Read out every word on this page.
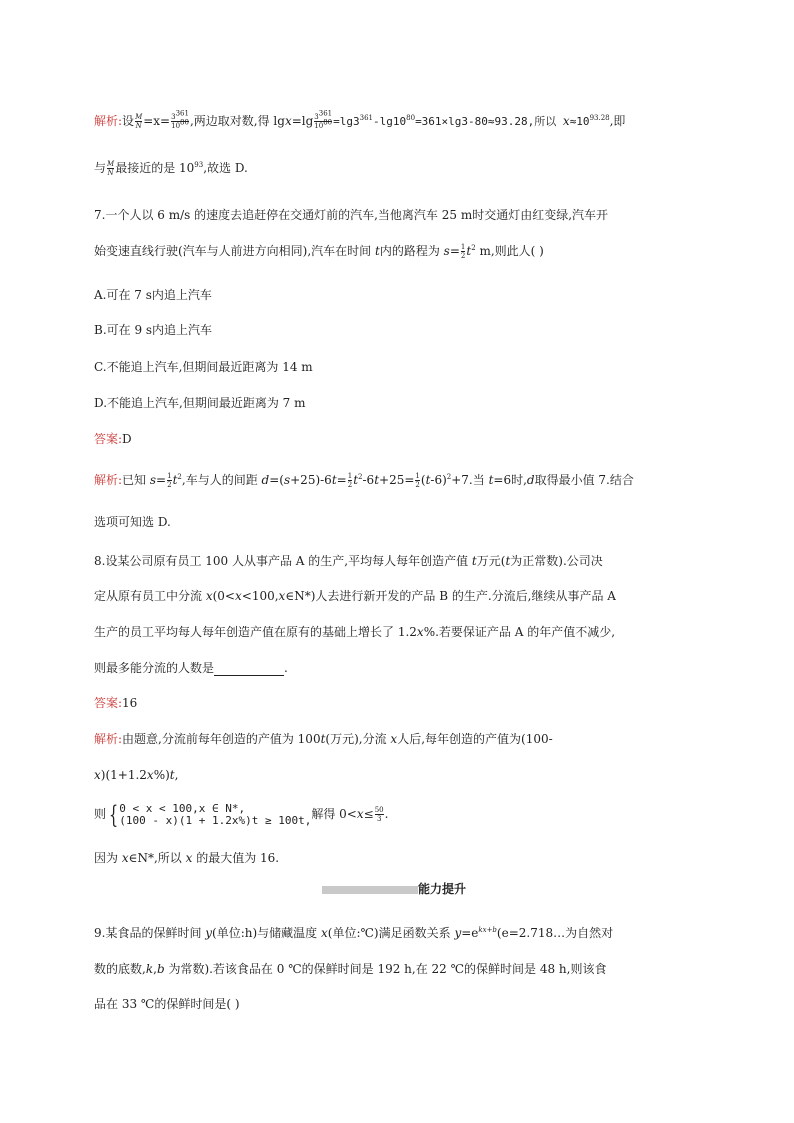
解析:设 $\frac{M}{N} =x= \frac{3^{361}}{10^{80}}$ ,两边取对数,得 $\lg x=\lg \frac{3^{361}}{10^{80}} =\lg 3^{361}-\lg 10^{80}=361\times\lg 3-80\approx 93.28$,所以 $x\approx 10^{93.28}$,即
与 $\frac{M}{N}$ 最接近的是 $10^{93}$,故选 D.
7.一个人以 6 m/s 的速度去追赶停在交通灯前的汽车,当他离汽车 25 m时交通灯由红变绿,汽车开
始变速直线行驶(汽车与人前进方向相同),汽车在时间 t内的路程为 $s= \frac{1}{2} t^2$ m,则此人( )
A.可在 7 s内追上汽车
B.可在 9 s内追上汽车
C.不能追上汽车,但期间最近距离为 14 m
D.不能追上汽车,但期间最近距离为 7 m
答案:D
解析:已知 $s= \frac{1}{2} t^2$,车与人的间距 $d=(s+25)-6t= \frac{1}{2} t^2-6t+25= \frac{1}{2} (t-6)^2+7$.当 t=6时,d取得最小值 7.结合
选项可知选 D.
8.设某公司原有员工 100 人从事产品 A 的生产,平均每人每年创造产值 t万元(t为正常数).公司决
定从原有员工中分流 x(0<x<100,x∈N*)人去进行新开发的产品 B 的生产.分流后,继续从事产品 A
生产的员工平均每人每年创造产值在原有的基础上增长了 1.2x%.若要保证产品 A 的年产值不减少,
则最多能分流的人数是	.
答案:16
解析:由题意,分流前每年创造的产值为 100t(万元),分流 x人后,每年创造的产值为(100-
x)(1+1.2x%)t,
则 { 0 < x < 100,x ∈ N*,
(100 - x)(1 + 1.2x%)t ≥ 100t, 解得 $0<x\le \frac{50}{3}$ .
因为 x∈N*,所以 x 的最大值为 16.
能力提升
9.某食品的保鲜时间 y(单位:h)与储藏温度 x(单位:℃)满足函数关系 $y=e^{kx+b}(e=2.718\dots$为自然对
数的底数,k,b 为常数).若该食品在 0 ℃的保鲜时间是 192 h,在 22 ℃的保鲜时间是 48 h,则该食
品在 33 ℃的保鲜时间是( )
